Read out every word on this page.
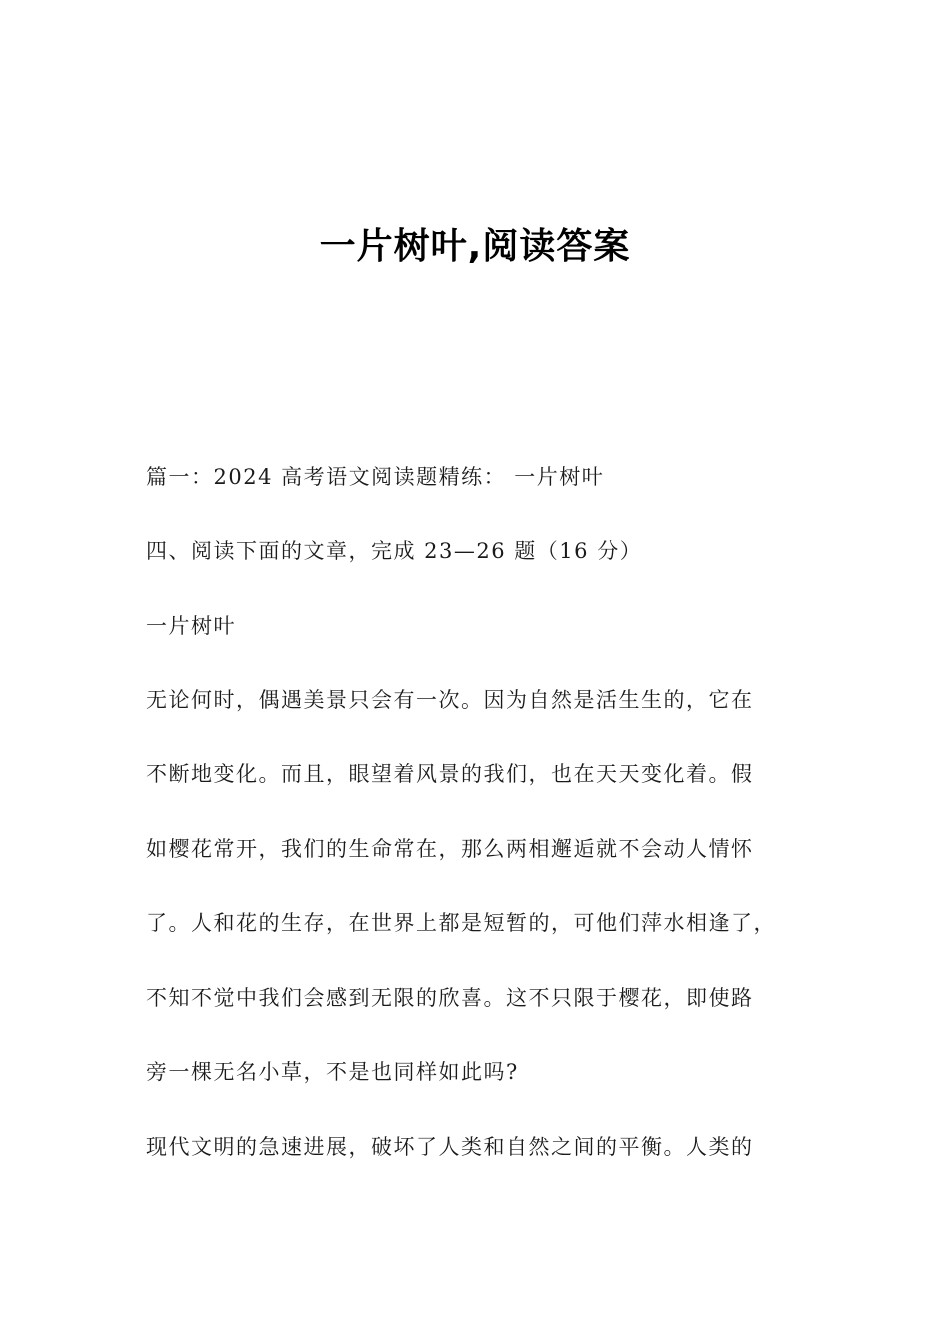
一片树叶,阅读答案
篇一：2024 高考语文阅读题精练： 一片树叶
四、阅读下面的文章，完成 23—26 题（16 分）
一片树叶
无论何时，偶遇美景只会有一次。因为自然是活生生的，它在
不断地变化。而且，眼望着风景的我们，也在天天变化着。假
如樱花常开，我们的生命常在，那么两相邂逅就不会动人情怀
了。人和花的生存，在世界上都是短暂的，可他们萍水相逢了，
不知不觉中我们会感到无限的欣喜。这不只限于樱花，即使路
旁一棵无名小草，不是也同样如此吗?
现代文明的急速进展，破坏了人类和自然之间的平衡。人类的
